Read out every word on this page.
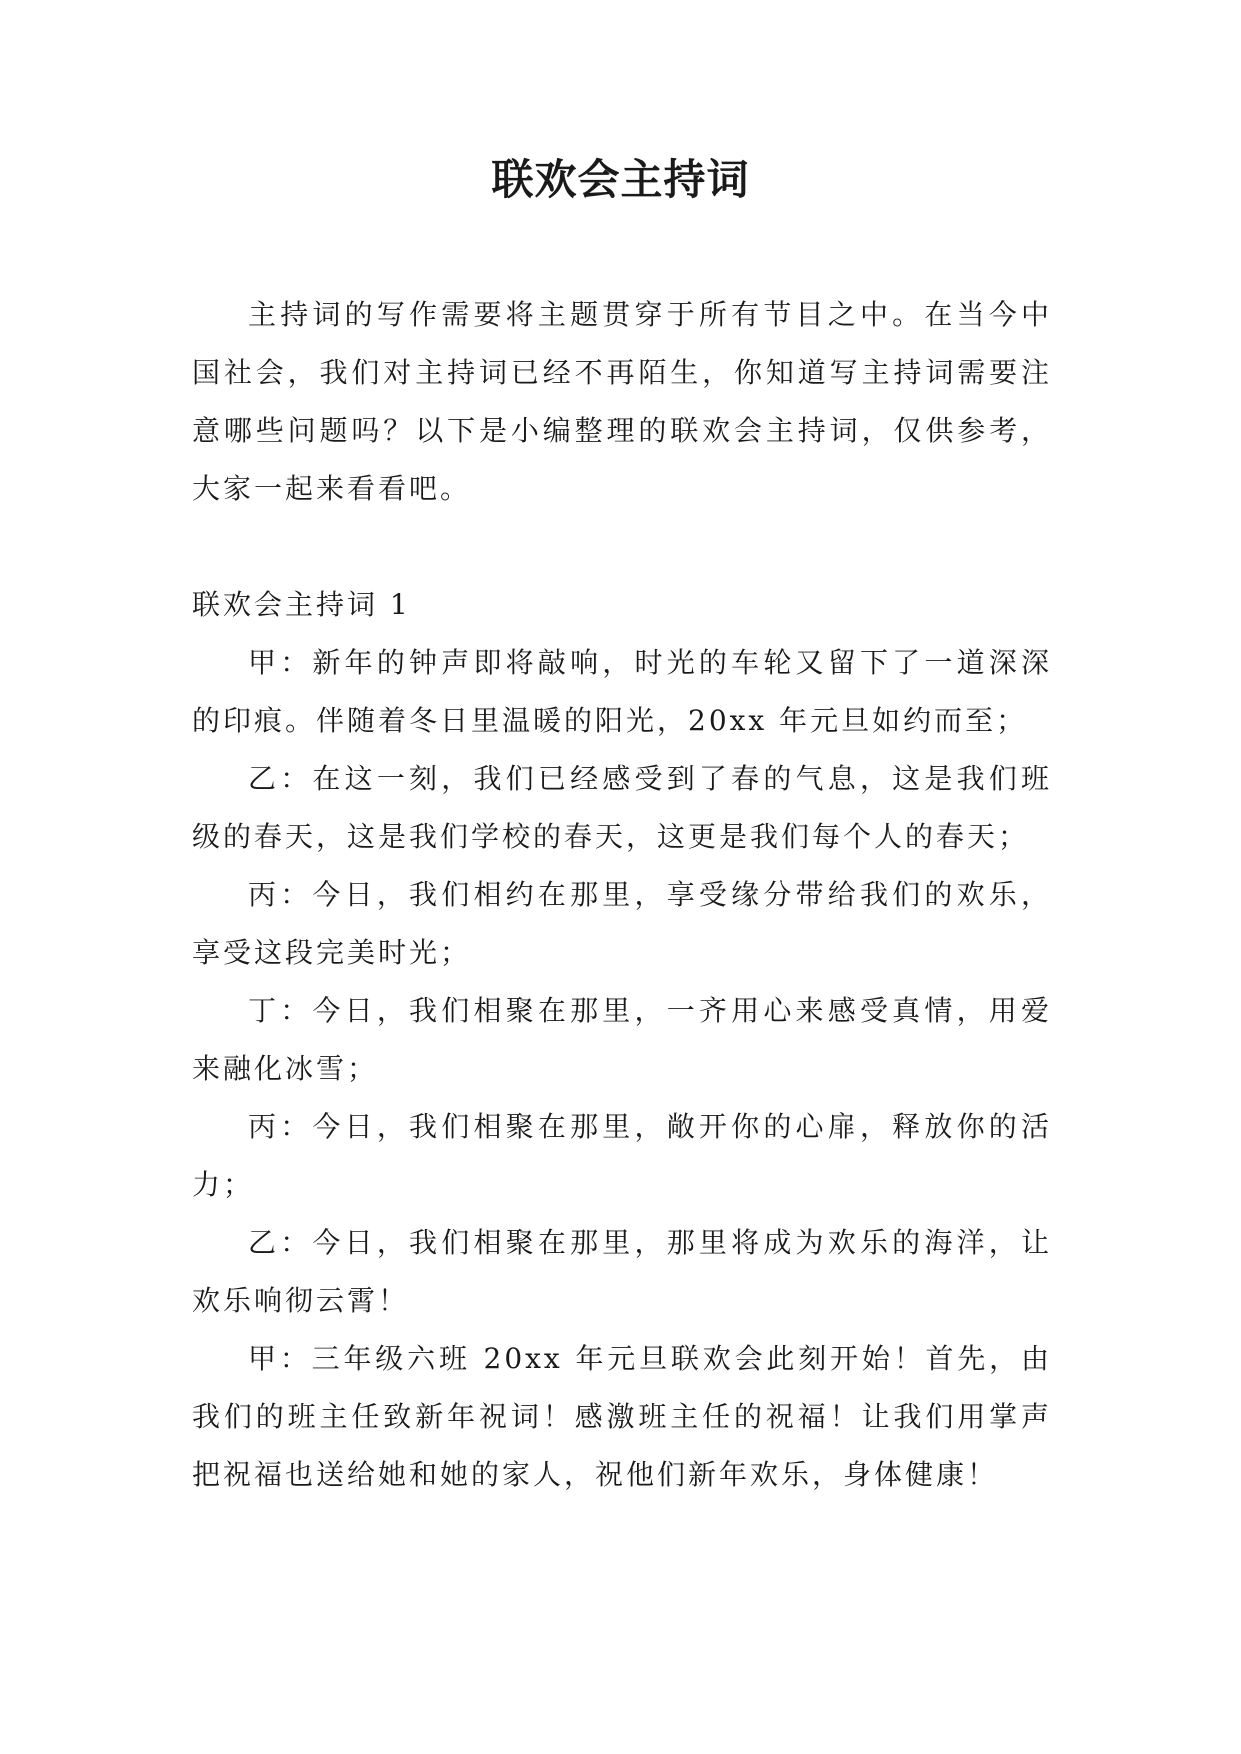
联欢会主持词

主持词的写作需要将主题贯穿于所有节目之中。在当今中国社会，我们对主持词已经不再陌生，你知道写主持词需要注意哪些问题吗？以下是小编整理的联欢会主持词，仅供参考，大家一起来看看吧。

联欢会主持词 1

甲：新年的钟声即将敲响，时光的车轮又留下了一道深深的印痕。伴随着冬日里温暖的阳光，20xx 年元旦如约而至；

乙：在这一刻，我们已经感受到了春的气息，这是我们班级的春天，这是我们学校的春天，这更是我们每个人的春天；

丙：今日，我们相约在那里，享受缘分带给我们的欢乐，享受这段完美时光；

丁：今日，我们相聚在那里，一齐用心来感受真情，用爱来融化冰雪；

丙：今日，我们相聚在那里，敞开你的心扉，释放你的活力；

乙：今日，我们相聚在那里，那里将成为欢乐的海洋，让欢乐响彻云霄！

甲：三年级六班 20xx 年元旦联欢会此刻开始！首先，由我们的班主任致新年祝词！感激班主任的祝福！让我们用掌声把祝福也送给她和她的家人，祝他们新年欢乐，身体健康！
